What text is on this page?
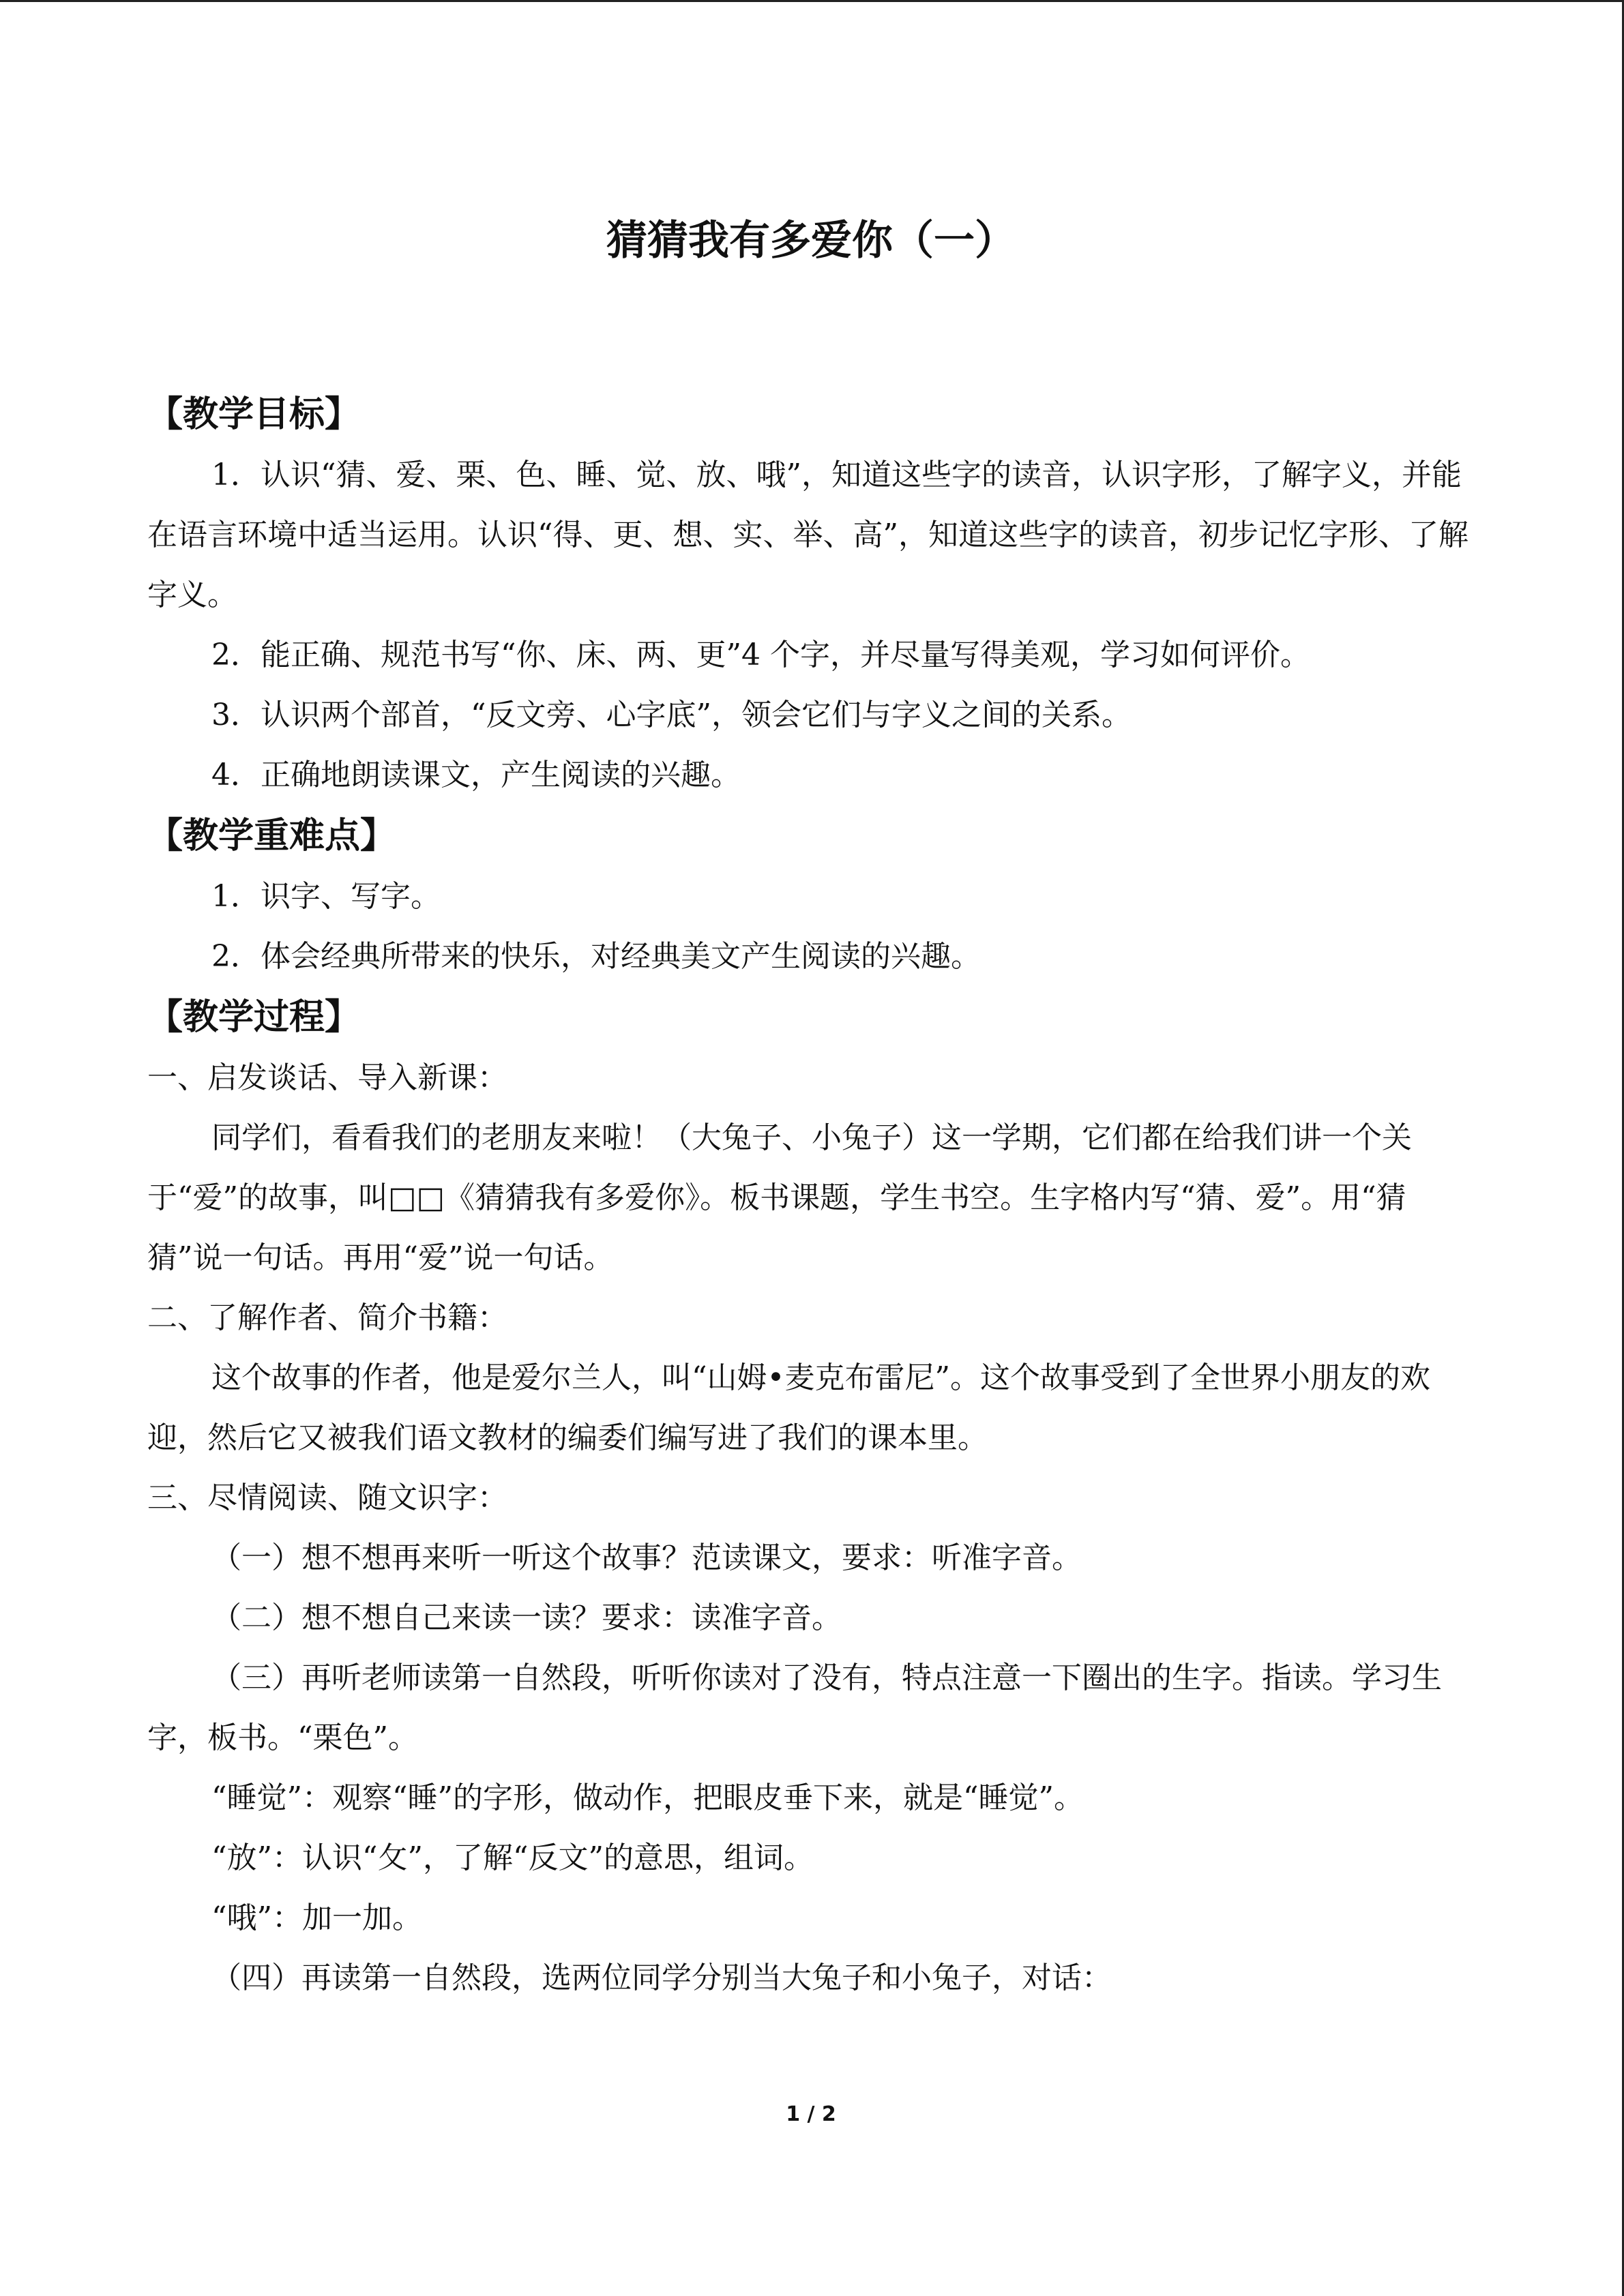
猜猜我有多爱你（一）
【教学目标】
1．认识“猜、爱、栗、色、睡、觉、放、哦”，知道这些字的读音，认识字形，了解字义，并能在语言环境中适当运用。认识“得、更、想、实、举、高”，知道这些字的读音，初步记忆字形、了解字义。
2．能正确、规范书写“你、床、两、更”4 个字，并尽量写得美观，学习如何评价。
3．认识两个部首，“反文旁、心字底”，领会它们与字义之间的关系。
4．正确地朗读课文，产生阅读的兴趣。
【教学重难点】
1．识字、写字。
2．体会经典所带来的快乐，对经典美文产生阅读的兴趣。
【教学过程】
一、启发谈话、导入新课：
同学们，看看我们的老朋友来啦！（大兔子、小兔子）这一学期，它们都在给我们讲一个关于“爱”的故事，叫□□《猜猜我有多爱你》。板书课题，学生书空。生字格内写“猜、爱”。用“猜猜”说一句话。再用“爱”说一句话。
二、了解作者、简介书籍：
这个故事的作者，他是爱尔兰人，叫“山姆•麦克布雷尼”。这个故事受到了全世界小朋友的欢迎，然后它又被我们语文教材的编委们编写进了我们的课本里。
三、尽情阅读、随文识字：
（一）想不想再来听一听这个故事？范读课文，要求：听准字音。
（二）想不想自己来读一读？要求：读准字音。
（三）再听老师读第一自然段，听听你读对了没有，特点注意一下圈出的生字。指读。学习生字，板书。“栗色”。
“睡觉”：观察“睡”的字形，做动作，把眼皮垂下来，就是“睡觉”。
“放”：认识“攵”，了解“反文”的意思，组词。
“哦”：加一加。
（四）再读第一自然段，选两位同学分别当大兔子和小兔子，对话：
1 / 2
